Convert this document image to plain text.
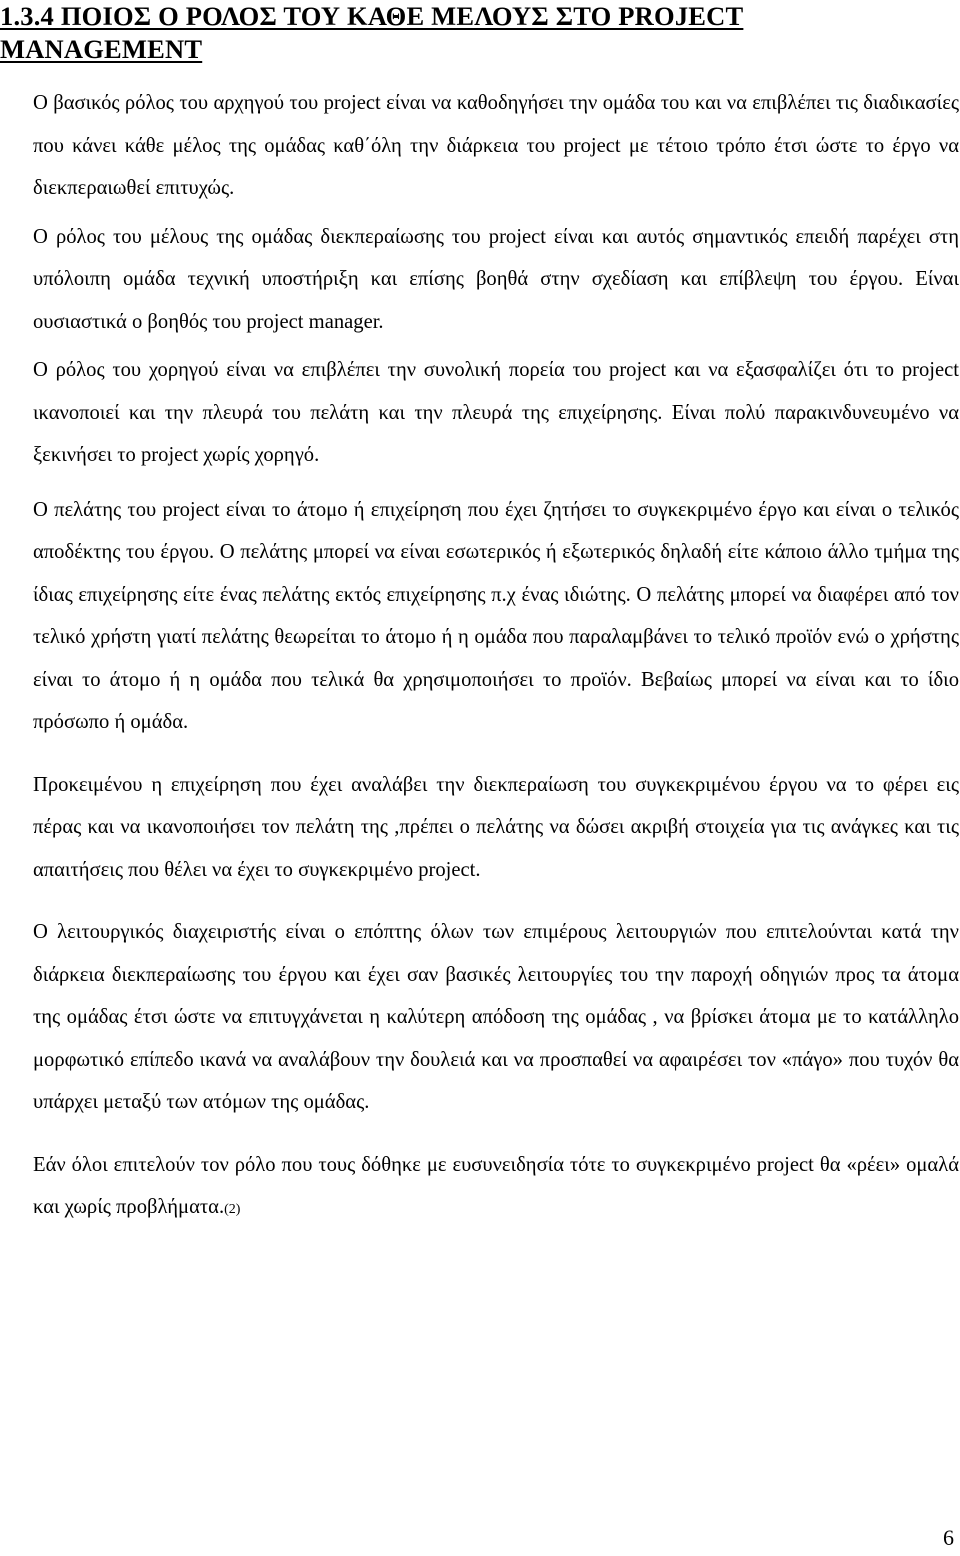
1.3.4 ΠΟΙΟΣ Ο ΡΟΛΟΣ ΤΟΥ ΚΑΘΕ ΜΕΛΟΥΣ ΣΤΟ PROJECT
MANAGEMENT

Ο βασικός ρόλος του αρχηγού του project είναι να καθοδηγήσει την ομάδα του και να επιβλέπει τις διαδικασίες που κάνει κάθε μέλος της ομάδας καθ΄όλη την διάρκεια του project με τέτοιο τρόπο έτσι ώστε το έργο να διεκπεραιωθεί επιτυχώς.

Ο ρόλος του μέλους της ομάδας διεκπεραίωσης του project είναι και αυτός σημαντικός επειδή παρέχει στη υπόλοιπη ομάδα τεχνική υποστήριξη και επίσης βοηθά στην σχεδίαση και επίβλεψη του έργου. Είναι ουσιαστικά ο βοηθός του project manager.

Ο ρόλος του χορηγού είναι να επιβλέπει την συνολική πορεία του project και να εξασφαλίζει ότι το project ικανοποιεί και την πλευρά του πελάτη και την πλευρά της επιχείρησης. Είναι πολύ παρακινδυνευμένο να ξεκινήσει το project χωρίς χορηγό.

Ο πελάτης του project είναι το άτομο ή επιχείρηση που έχει ζητήσει το συγκεκριμένο έργο και είναι ο τελικός αποδέκτης του έργου. Ο πελάτης μπορεί να είναι εσωτερικός ή εξωτερικός δηλαδή είτε κάποιο άλλο τμήμα της ίδιας επιχείρησης είτε ένας πελάτης εκτός επιχείρησης π.χ ένας ιδιώτης. Ο πελάτης μπορεί να διαφέρει από τον τελικό χρήστη γιατί πελάτης θεωρείται το άτομο ή η ομάδα που παραλαμβάνει το τελικό προϊόν ενώ ο χρήστης είναι το άτομο ή η ομάδα που τελικά θα χρησιμοποιήσει το προϊόν. Βεβαίως μπορεί να είναι και το ίδιο πρόσωπο ή ομάδα.

Προκειμένου η επιχείρηση που έχει αναλάβει την διεκπεραίωση του συγκεκριμένου έργου να το φέρει εις πέρας και να ικανοποιήσει τον πελάτη της ,πρέπει ο πελάτης να δώσει ακριβή στοιχεία για τις ανάγκες και τις απαιτήσεις που θέλει να έχει το συγκεκριμένο project.

Ο λειτουργικός διαχειριστής είναι ο επόπτης όλων των επιμέρους λειτουργιών που επιτελούνται κατά την διάρκεια διεκπεραίωσης του έργου και έχει σαν βασικές λειτουργίες του την παροχή οδηγιών προς τα άτομα της ομάδας έτσι ώστε να επιτυγχάνεται η καλύτερη απόδοση της ομάδας , να βρίσκει άτομα με το κατάλληλο μορφωτικό επίπεδο ικανά να αναλάβουν την δουλειά και να προσπαθεί να αφαιρέσει τον «πάγο» που τυχόν θα υπάρχει μεταξύ των ατόμων της ομάδας.

Εάν όλοι επιτελούν τον ρόλο που τους δόθηκε με ευσυνειδησία τότε το συγκεκριμένο project θα «ρέει» ομαλά και χωρίς προβλήματα.(2)

6
